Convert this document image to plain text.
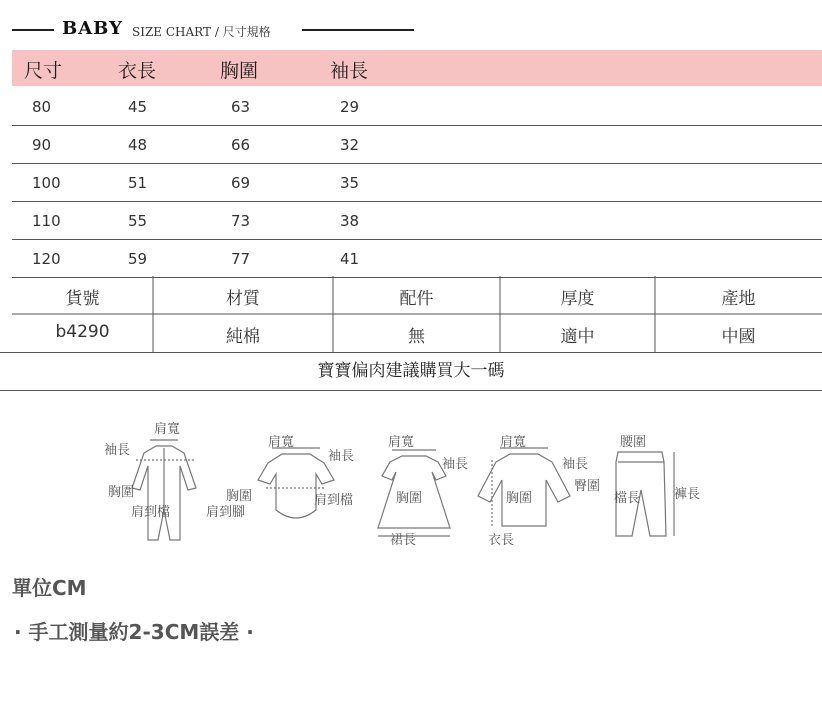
BABY SIZE CHART / 尺寸規格
尺寸	衣長	胸圍	袖長
80	45	63	29
90	48	66	32
100	51	69	35
110	55	73	38
120	59	77	41
貨號	材質	配件	厚度	產地
b4290	純棉	無	適中	中國
寶寶偏肉建議購買大一碼
肩寬
袖長
胸圍
肩到檔	肩到腳
肩寬
袖長
胸圍	肩到檔
肩寬
袖長
胸圍
裙長
肩寬
袖長
胸圍
衣長
腰圍
臀圍
檔長	褲長
單位CM
· 手工測量約2-3CM誤差 ·
